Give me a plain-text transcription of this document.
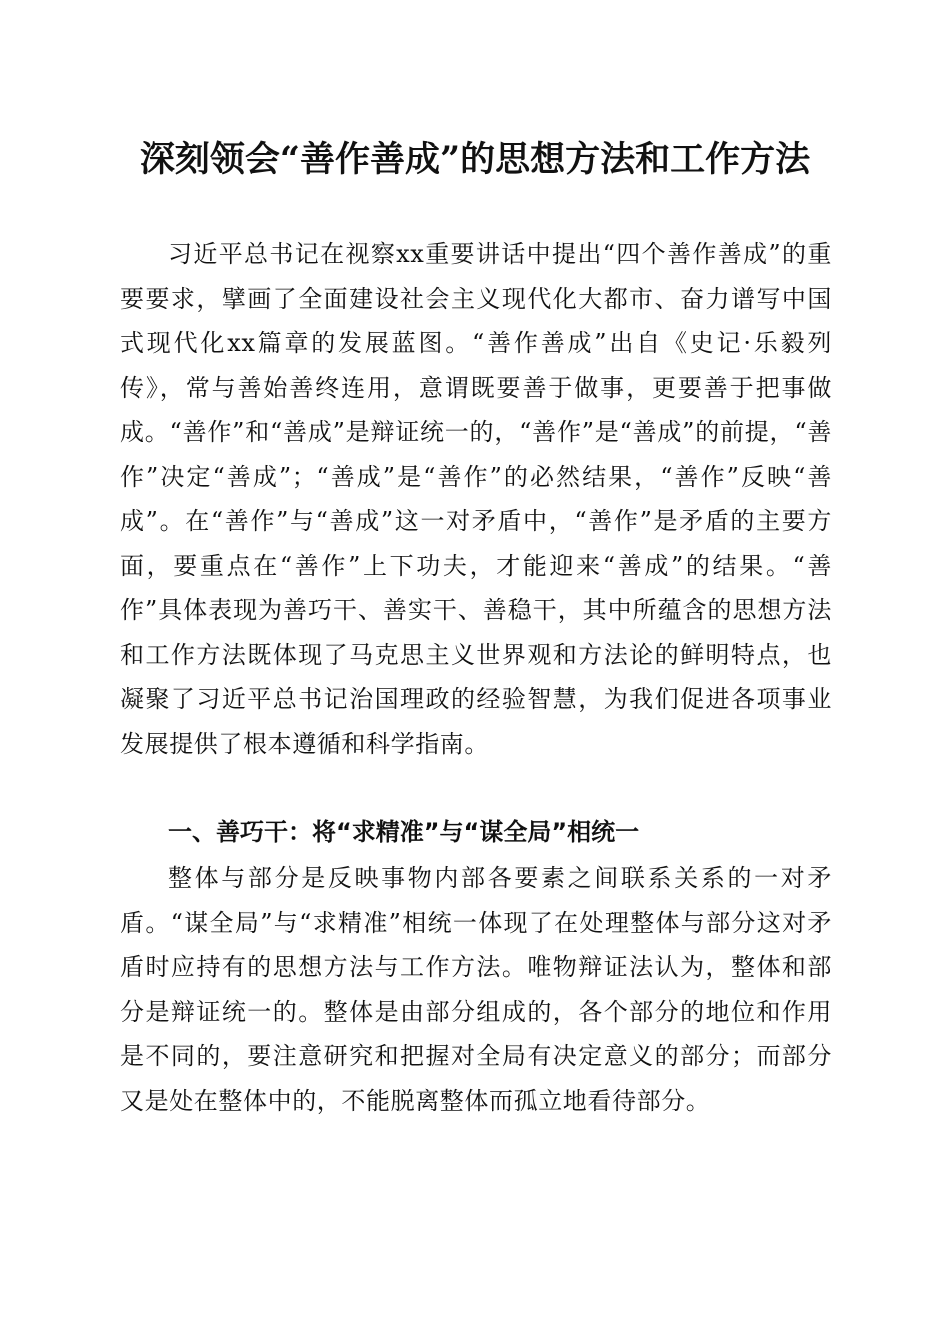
深刻领会“善作善成”的思想方法和工作方法

习近平总书记在视察xx重要讲话中提出“四个善作善成”的重要要求，擘画了全面建设社会主义现代化大都市、奋力谱写中国式现代化xx篇章的发展蓝图。“善作善成”出自《史记·乐毅列传》，常与善始善终连用，意谓既要善于做事，更要善于把事做成。“善作”和“善成”是辩证统一的，“善作”是“善成”的前提，“善作”决定“善成”；“善成”是“善作”的必然结果，“善作”反映“善成”。在“善作”与“善成”这一对矛盾中，“善作”是矛盾的主要方面，要重点在“善作”上下功夫，才能迎来“善成”的结果。“善作”具体表现为善巧干、善实干、善稳干，其中所蕴含的思想方法和工作方法既体现了马克思主义世界观和方法论的鲜明特点，也凝聚了习近平总书记治国理政的经验智慧，为我们促进各项事业发展提供了根本遵循和科学指南。

一、善巧干：将“求精准”与“谋全局”相统一

整体与部分是反映事物内部各要素之间联系关系的一对矛盾。“谋全局”与“求精准”相统一体现了在处理整体与部分这对矛盾时应持有的思想方法与工作方法。唯物辩证法认为，整体和部分是辩证统一的。整体是由部分组成的，各个部分的地位和作用是不同的，要注意研究和把握对全局有决定意义的部分；而部分又是处在整体中的，不能脱离整体而孤立地看待部分。
